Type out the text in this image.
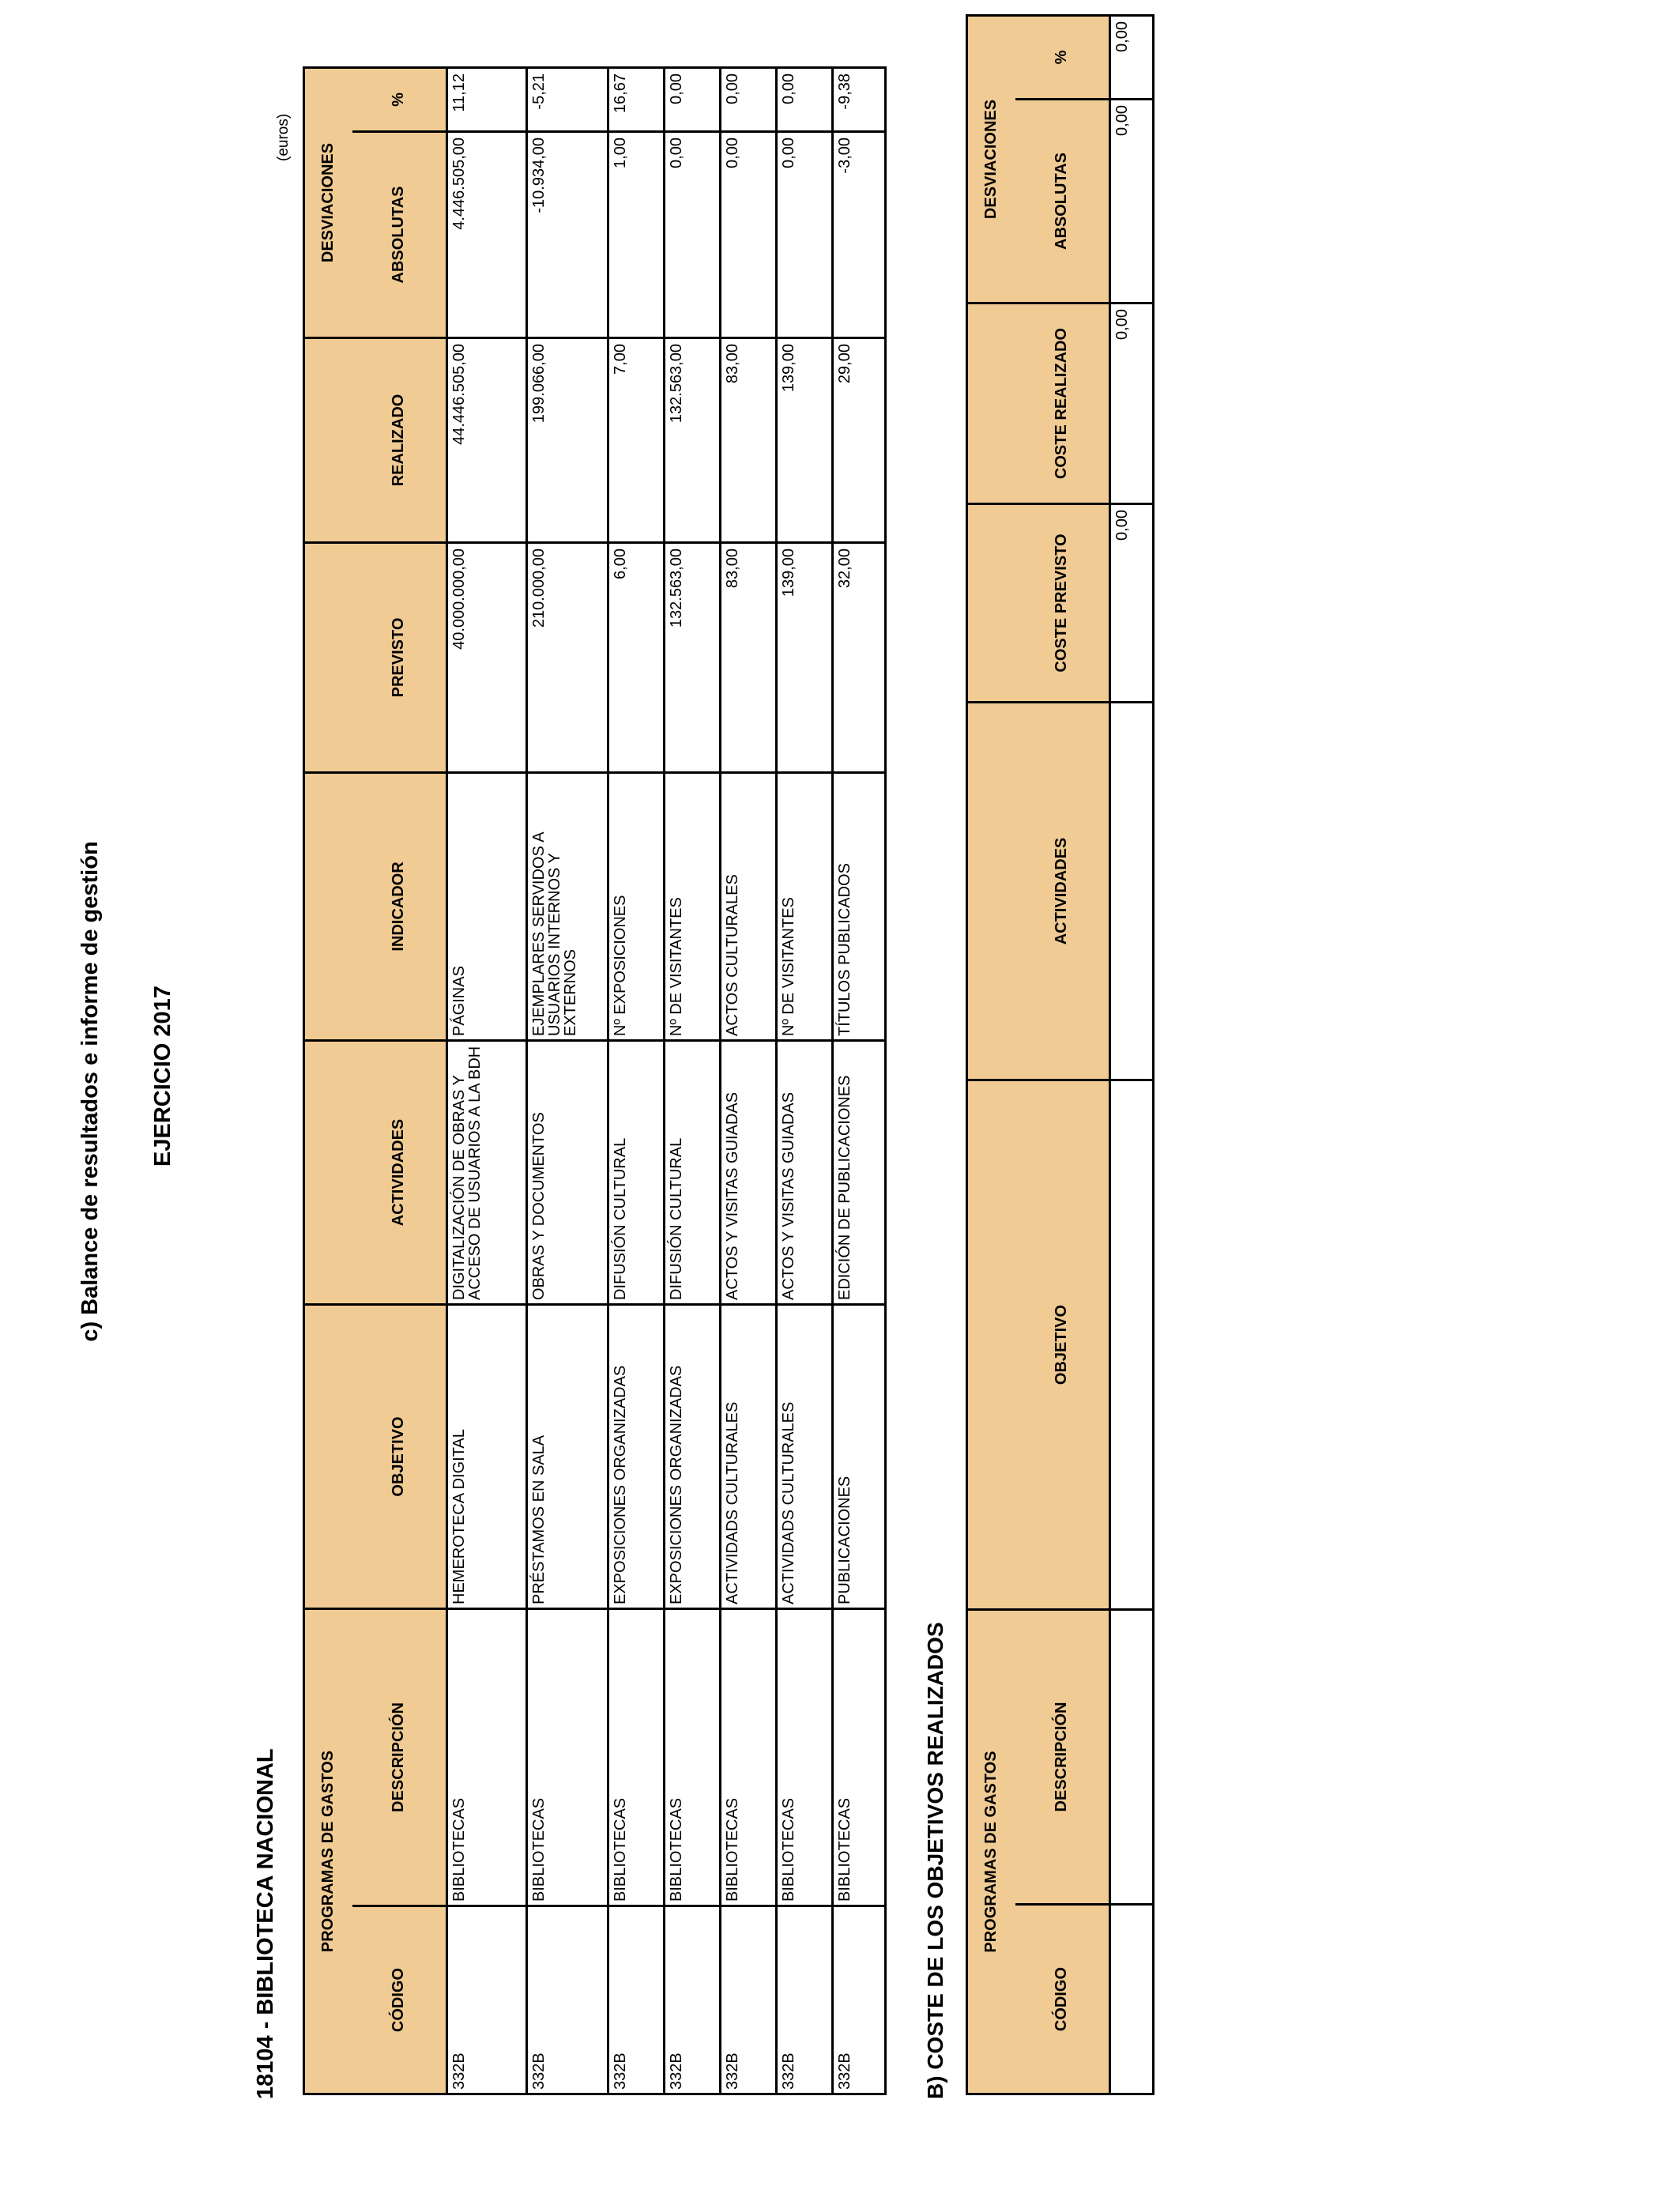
c) Balance de resultados e informe de gestión EJERCICIO 2017
18104 - BIBLIOTECA NACIONAL
(euros)
PROGRAMAS DE GASTOS							DESVIACIONES	
CÓDIGO	DESCRIPCIÓN	OBJETIVO	ACTIVIDADES	INDICADOR	PREVISTO	REALIZADO	ABSOLUTAS	%
332B	BIBLIOTECAS	HEMEROTECA DIGITAL	DIGITALIZACIÓN DE OBRAS Y ACCESO DE USUARIOS A LA BDH	PÁGINAS	40.000.000,00	44.446.505,00	4.446.505,00	11,12
332B	BIBLIOTECAS	PRÉSTAMOS EN SALA	OBRAS Y DOCUMENTOS	EJEMPLARES SERVIDOS A USUARIOS INTERNOS Y EXTERNOS	210.000,00	199.066,00	-10.934,00	-5,21
332B	BIBLIOTECAS	EXPOSICIONES ORGANIZADAS	DIFUSIÓN CULTURAL	Nº EXPOSICIONES	6,00	7,00	1,00	16,67
332B	BIBLIOTECAS	EXPOSICIONES ORGANIZADAS	DIFUSIÓN CULTURAL	Nº DE VISITANTES	132.563,00	132.563,00	0,00	0,00
332B	BIBLIOTECAS	ACTIVIDADS CULTURALES	ACTOS Y VISITAS GUIADAS	ACTOS CULTURALES	83,00	83,00	0,00	0,00
332B	BIBLIOTECAS	ACTIVIDADS CULTURALES	ACTOS Y VISITAS GUIADAS	Nº DE VISITANTES	139,00	139,00	0,00	0,00
332B	BIBLIOTECAS	PUBLICACIONES	EDICIÓN DE PUBLICACIONES	TÍTULOS PUBLICADOS	32,00	29,00	-3,00	-9,38
B) COSTE DE LOS OBJETIVOS REALIZADOS PROGRAMAS DE GASTOS						DESVIACIONES	
CÓDIGO	DESCRIPCIÓN	OBJETIVO	ACTIVIDADES	COSTE PREVISTO	COSTE REALIZADO	ABSOLUTAS	%
				0,00	0,00	0,00	0,00
